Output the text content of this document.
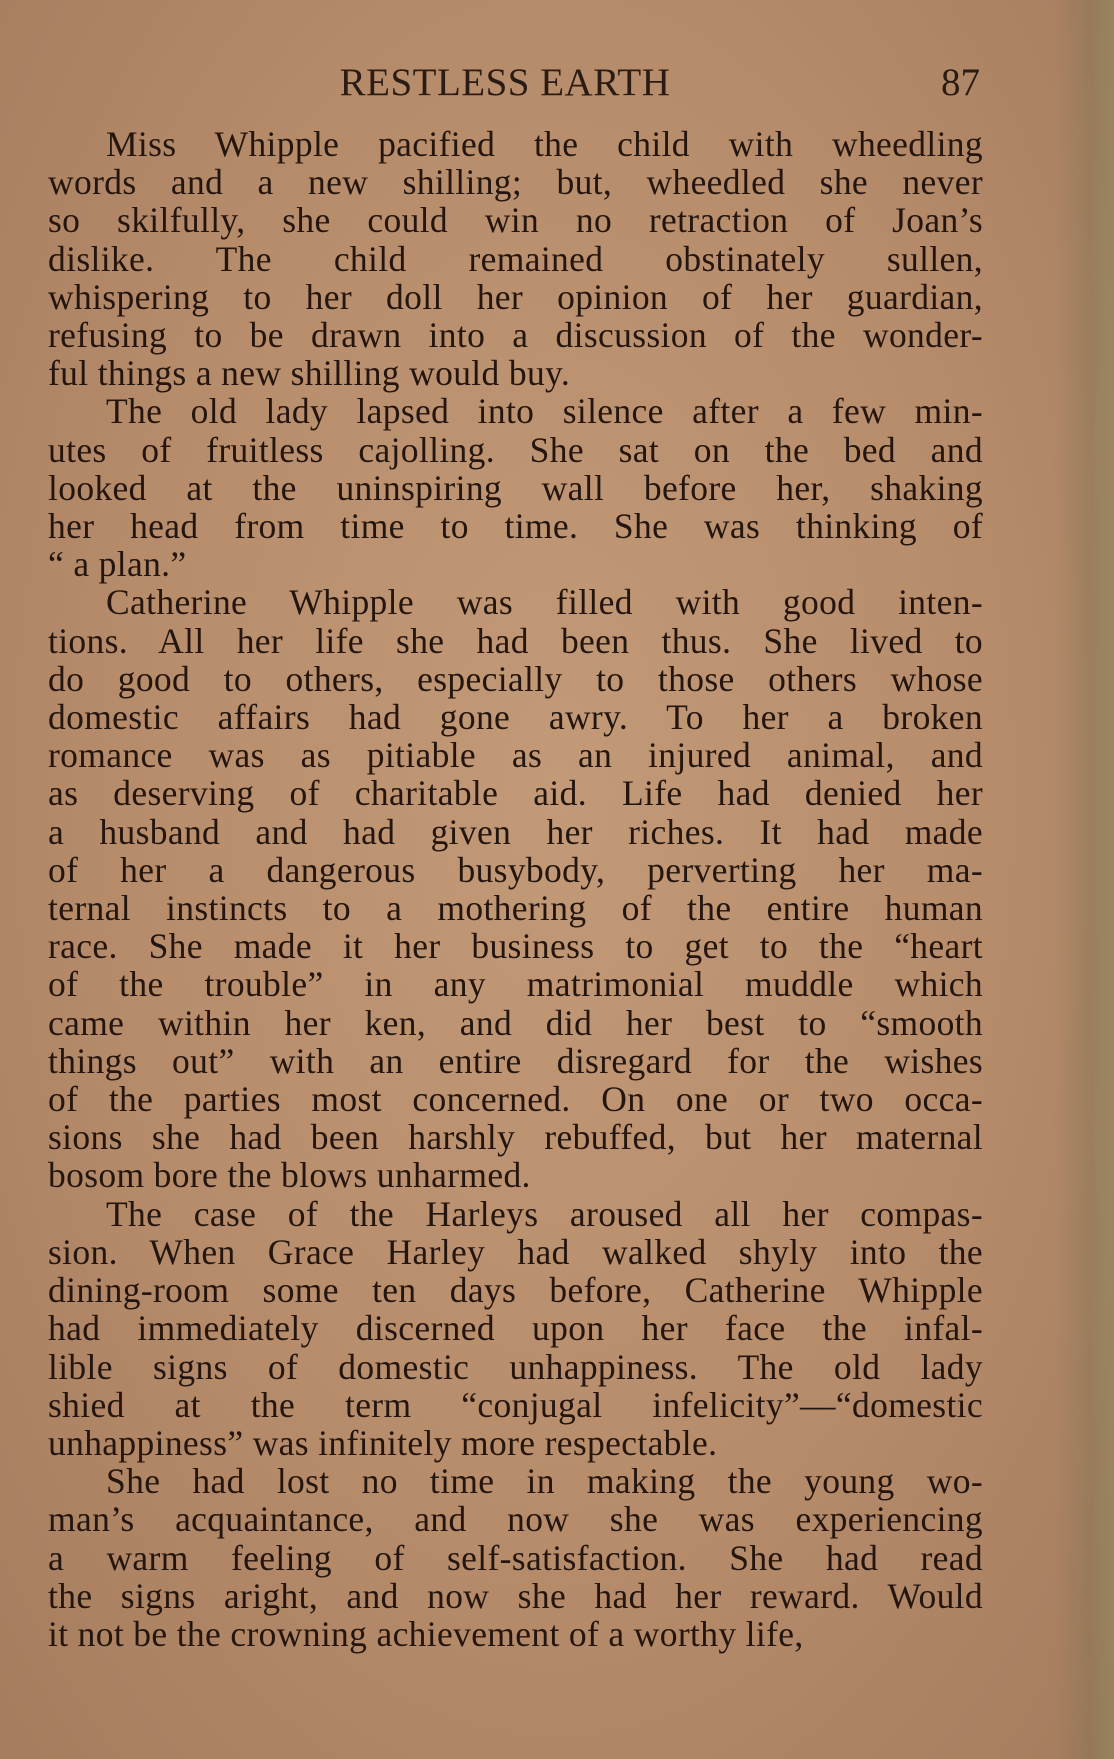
RESTLESS EARTH	87

Miss Whipple pacified the child with wheedling
words and a new shilling; but, wheedled she never
so skilfully, she could win no retraction of Joan’s
dislike. The child remained obstinately sullen,
whispering to her doll her opinion of her guardian,
refusing to be drawn into a discussion of the wonder-
ful things a new shilling would buy.

The old lady lapsed into silence after a few min-
utes of fruitless cajolling. She sat on the bed and
looked at the uninspiring wall before her, shaking
her head from time to time. She was thinking of
“ a plan.”

Catherine Whipple was filled with good inten-
tions. All her life she had been thus. She lived to
do good to others, especially to those others whose
domestic affairs had gone awry. To her a broken
romance was as pitiable as an injured animal, and
as deserving of charitable aid. Life had denied her
a husband and had given her riches. It had made
of her a dangerous busybody, perverting her ma-
ternal instincts to a mothering of the entire human
race. She made it her business to get to the “heart
of the trouble” in any matrimonial muddle which
came within her ken, and did her best to “smooth
things out” with an entire disregard for the wishes
of the parties most concerned. On one or two occa-
sions she had been harshly rebuffed, but her maternal
bosom bore the blows unharmed.

The case of the Harleys aroused all her compas-
sion. When Grace Harley had walked shyly into the
dining-room some ten days before, Catherine Whipple
had immediately discerned upon her face the infal-
lible signs of domestic unhappiness. The old lady
shied at the term “conjugal infelicity”—“domestic
unhappiness” was infinitely more respectable.

She had lost no time in making the young wo-
man’s acquaintance, and now she was experiencing
a warm feeling of self-satisfaction. She had read
the signs aright, and now she had her reward. Would
it not be the crowning achievement of a worthy life,
